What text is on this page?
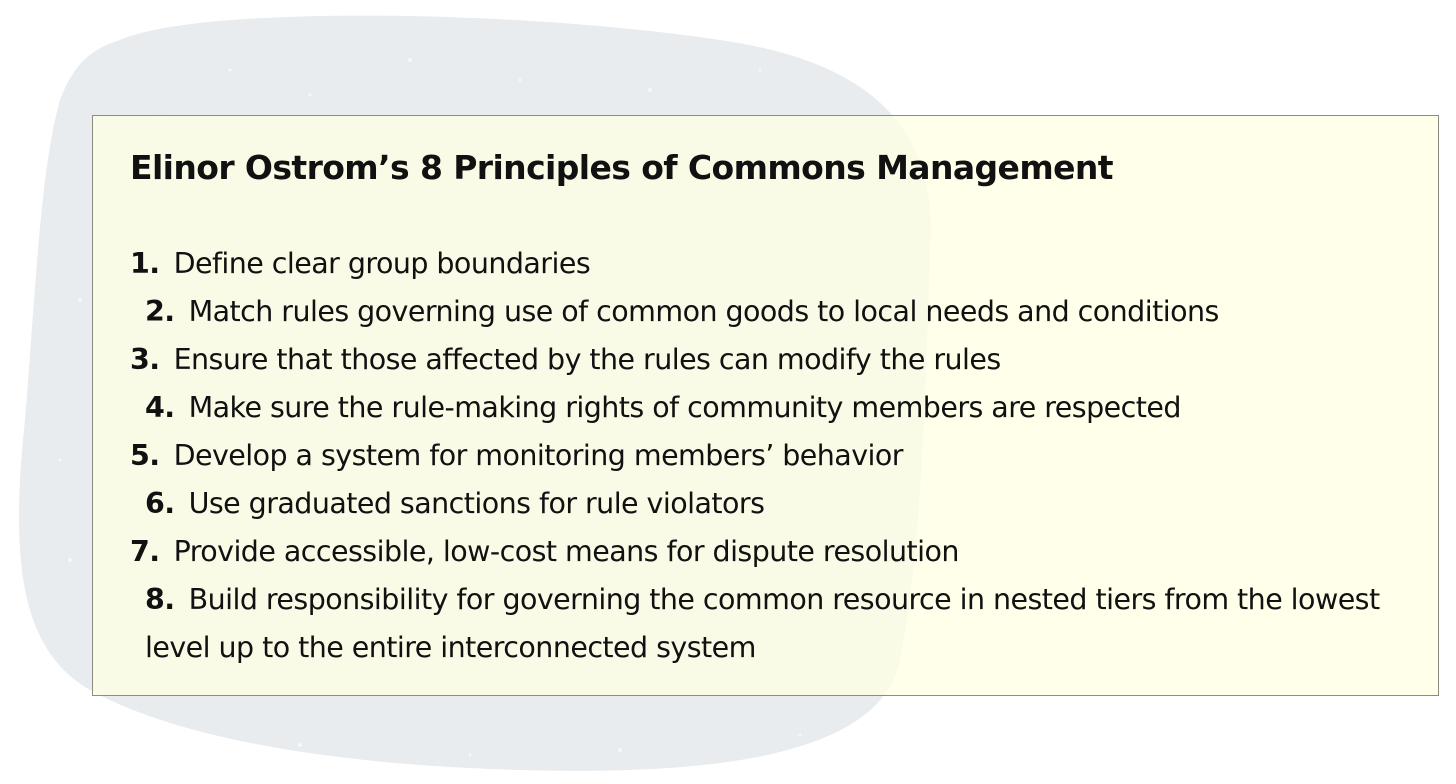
Elinor Ostrom’s 8 Principles of Commons Management
1. Define clear group boundaries
2. Match rules governing use of common goods to local needs and conditions
3. Ensure that those affected by the rules can modify the rules
4. Make sure the rule-making rights of community members are respected
5. Develop a system for monitoring members’ behavior
6. Use graduated sanctions for rule violators
7. Provide accessible, low-cost means for dispute resolution
8. Build responsibility for governing the common resource in nested tiers from the lowest level up to the entire interconnected system
